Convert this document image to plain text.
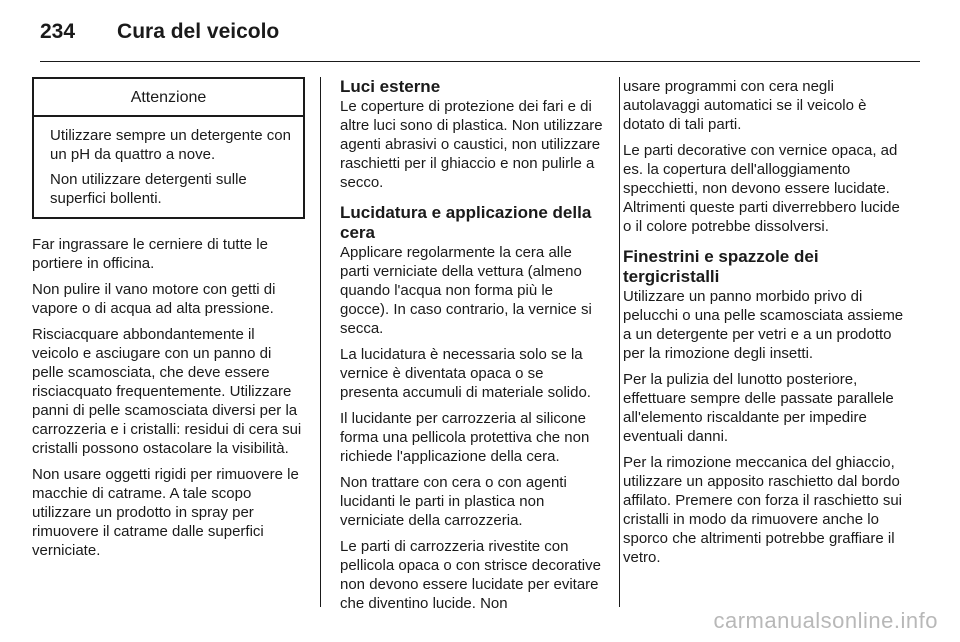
234 Cura del veicolo
Attenzione

Utilizzare sempre un detergente con un pH da quattro a nove.

Non utilizzare detergenti sulle superfici bollenti.

Far ingrassare le cerniere di tutte le portiere in officina.

Non pulire il vano motore con getti di vapore o di acqua ad alta pressione.

Risciacquare abbondantemente il veicolo e asciugare con un panno di pelle scamosciata, che deve essere risciacquato frequentemente. Utilizzare panni di pelle scamosciata diversi per la carrozzeria e i cristalli: residui di cera sui cristalli possono ostacolare la visibilità.

Non usare oggetti rigidi per rimuovere le macchie di catrame. A tale scopo utilizzare un prodotto in spray per rimuovere il catrame dalle superfici verniciate.

Luci esterne

Le coperture di protezione dei fari e di altre luci sono di plastica. Non utilizzare agenti abrasivi o caustici, non utilizzare raschietti per il ghiaccio e non pulirle a secco.

Lucidatura e applicazione della cera

Applicare regolarmente la cera alle parti verniciate della vettura (almeno quando l'acqua non forma più le gocce). In caso contrario, la vernice si secca.

La lucidatura è necessaria solo se la vernice è diventata opaca o se presenta accumuli di materiale solido.

Il lucidante per carrozzeria al silicone forma una pellicola protettiva che non richiede l'applicazione della cera.

Non trattare con cera o con agenti lucidanti le parti in plastica non verniciate della carrozzeria.

Le parti di carrozzeria rivestite con pellicola opaca o con strisce decorative non devono essere lucidate per evitare che diventino lucide. Non

usare programmi con cera negli autolavaggi automatici se il veicolo è dotato di tali parti.

Le parti decorative con vernice opaca, ad es. la copertura dell'alloggiamento specchietti, non devono essere lucidate. Altrimenti queste parti diverrebbero lucide o il colore potrebbe dissolversi.

Finestrini e spazzole dei tergicristalli

Utilizzare un panno morbido privo di pelucchi o una pelle scamosciata assieme a un detergente per vetri e a un prodotto per la rimozione degli insetti.

Per la pulizia del lunotto posteriore, effettuare sempre delle passate parallele all'elemento riscaldante per impedire eventuali danni.

Per la rimozione meccanica del ghiaccio, utilizzare un apposito raschietto dal bordo affilato. Premere con forza il raschietto sui cristalli in modo da rimuovere anche lo sporco che altrimenti potrebbe graffiare il vetro.

carmanualsonline.info
